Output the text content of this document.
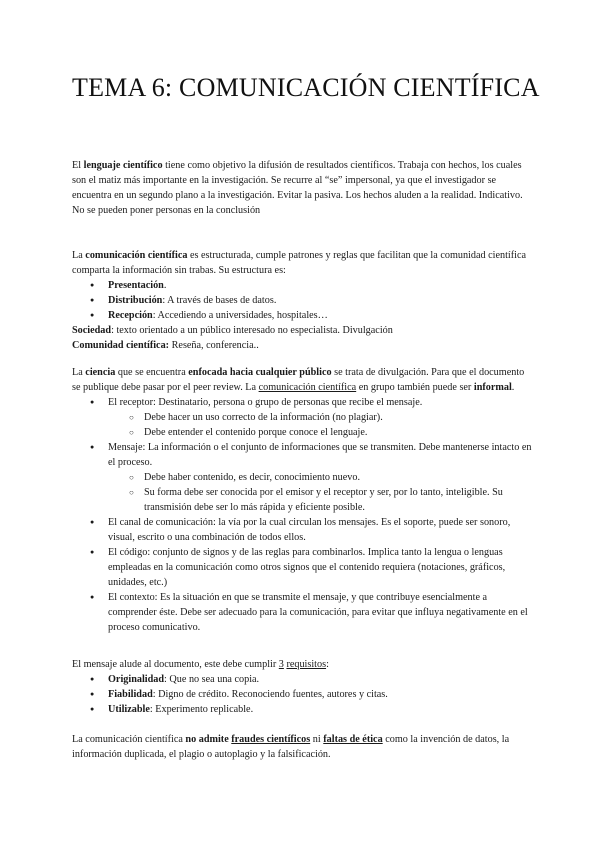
TEMA 6: COMUNICACIÓN CIENTÍFICA

El lenguaje científico tiene como objetivo la difusión de resultados científicos. Trabaja con hechos, los cuales son el matiz más importante en la investigación. Se recurre al “se” impersonal, ya que el investigador se encuentra en un segundo plano a la investigación. Evitar la pasiva. Los hechos aluden a la realidad. Indicativo. No se pueden poner personas en la conclusión

La comunicación científica es estructurada, cumple patrones y reglas que facilitan que la comunidad científica comparta la información sin trabas. Su estructura es:

● Presentación.
● Distribución: A través de bases de datos.
● Recepción: Accediendo a universidades, hospitales…

Sociedad: texto orientado a un público interesado no especialista. Divulgación

Comunidad científica: Reseña, conferencia..

La ciencia que se encuentra enfocada hacia cualquier público se trata de divulgación. Para que el documento se publique debe pasar por el peer review. La comunicación científica en grupo también puede ser informal.

● El receptor: Destinatario, persona o grupo de personas que recibe el mensaje.
○ Debe hacer un uso correcto de la información (no plagiar).
○ Debe entender el contenido porque conoce el lenguaje.
● Mensaje: La información o el conjunto de informaciones que se transmiten. Debe mantenerse intacto en el proceso.
○ Debe haber contenido, es decir, conocimiento nuevo.
○ Su forma debe ser conocida por el emisor y el receptor y ser, por lo tanto, inteligible. Su transmisión debe ser lo más rápida y eficiente posible.
● El canal de comunicación: la vía por la cual circulan los mensajes. Es el soporte, puede ser sonoro, visual, escrito o una combinación de todos ellos.
● El código: conjunto de signos y de las reglas para combinarlos. Implica tanto la lengua o lenguas empleadas en la comunicación como otros signos que el contenido requiera (notaciones, gráficos, unidades, etc.)
● El contexto: Es la situación en que se transmite el mensaje, y que contribuye esencialmente a comprender éste. Debe ser adecuado para la comunicación, para evitar que influya negativamente en el proceso comunicativo.

El mensaje alude al documento, este debe cumplir 3 requisitos:

● Originalidad: Que no sea una copia.
● Fiabilidad: Digno de crédito. Reconociendo fuentes, autores y citas.
● Utilizable: Experimento replicable.

La comunicación científica no admite fraudes científicos ni faltas de ética como la invención de datos, la información duplicada, el plagio o autoplagio y la falsificación.
